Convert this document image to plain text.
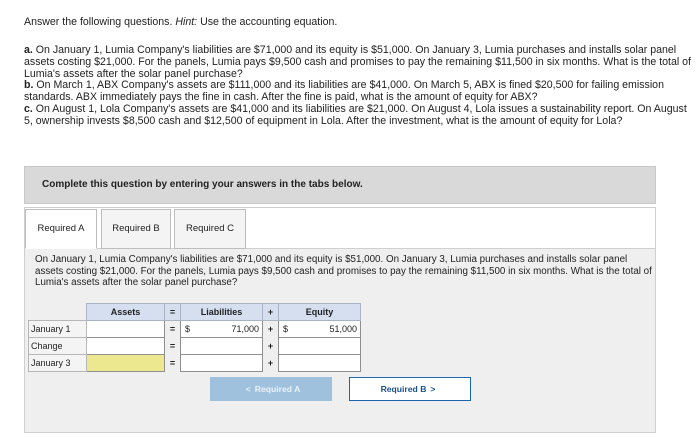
Answer the following questions. Hint: Use the accounting equation.

a. On January 1, Lumia Company's liabilities are $71,000 and its equity is $51,000. On January 3, Lumia purchases and installs solar panel assets costing $21,000. For the panels, Lumia pays $9,500 cash and promises to pay the remaining $11,500 in six months. What is the total of Lumia's assets after the solar panel purchase?

b. On March 1, ABX Company's assets are $111,000 and its liabilities are $41,000. On March 5, ABX is fined $20,500 for failing emission standards. ABX immediately pays the fine in cash. After the fine is paid, what is the amount of equity for ABX?

c. On August 1, Lola Company's assets are $41,000 and its liabilities are $21,000. On August 4, Lola issues a sustainability report. On August 5, ownership invests $8,500 cash and $12,500 of equipment in Lola. After the investment, what is the amount of equity for Lola?

Complete this question by entering your answers in the tabs below.
Required A	Required B	Required C
On January 1, Lumia Company's liabilities are $71,000 and its equity is $51,000. On January 3, Lumia purchases and installs solar panel assets costing $21,000. For the panels, Lumia pays $9,500 cash and promises to pay the remaining $11,500 in six months. What is the total of Lumia's assets after the solar panel purchase?
	Assets	=	Liabilities		+	Equity	
January 1		=	$	71,000	+	$	51,000
Change		=			+		
January 3		=			+		
< Required A	Required B >
